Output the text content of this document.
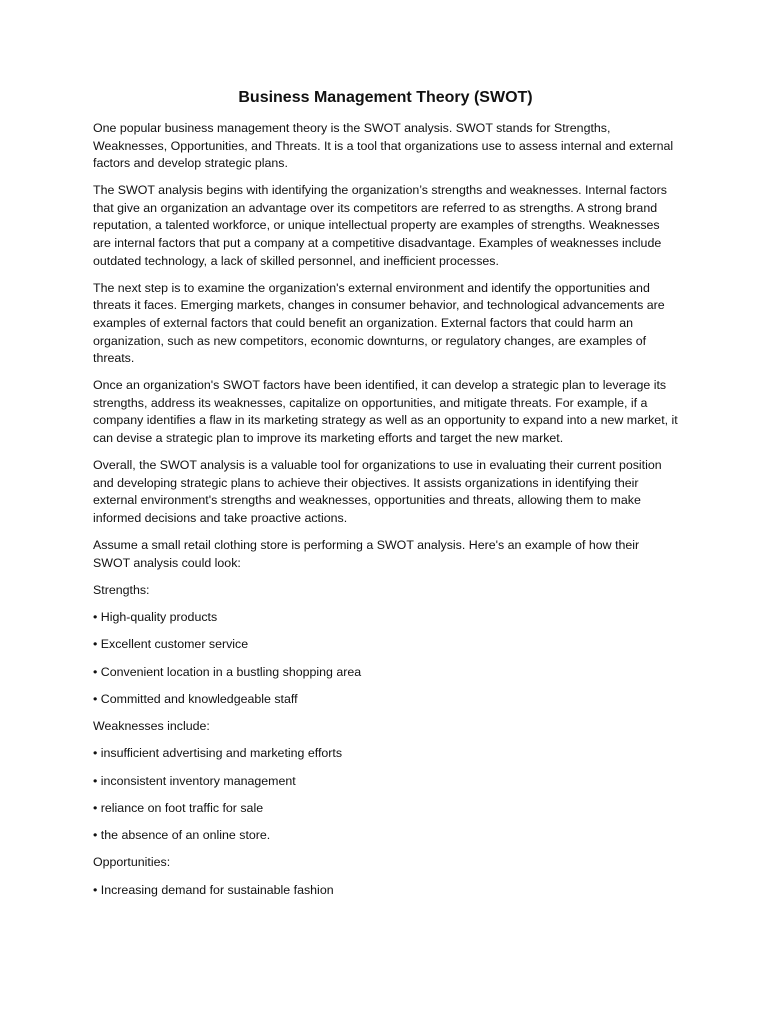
Business Management Theory (SWOT)

One popular business management theory is the SWOT analysis. SWOT stands for Strengths, Weaknesses, Opportunities, and Threats. It is a tool that organizations use to assess internal and external factors and develop strategic plans.

The SWOT analysis begins with identifying the organization’s strengths and weaknesses. Internal factors that give an organization an advantage over its competitors are referred to as strengths. A strong brand reputation, a talented workforce, or unique intellectual property are examples of strengths. Weaknesses are internal factors that put a company at a competitive disadvantage. Examples of weaknesses include outdated technology, a lack of skilled personnel, and inefficient processes.

The next step is to examine the organization's external environment and identify the opportunities and threats it faces. Emerging markets, changes in consumer behavior, and technological advancements are examples of external factors that could benefit an organization. External factors that could harm an organization, such as new competitors, economic downturns, or regulatory changes, are examples of threats.

Once an organization's SWOT factors have been identified, it can develop a strategic plan to leverage its strengths, address its weaknesses, capitalize on opportunities, and mitigate threats. For example, if a company identifies a flaw in its marketing strategy as well as an opportunity to expand into a new market, it can devise a strategic plan to improve its marketing efforts and target the new market.

Overall, the SWOT analysis is a valuable tool for organizations to use in evaluating their current position and developing strategic plans to achieve their objectives. It assists organizations in identifying their external environment's strengths and weaknesses, opportunities and threats, allowing them to make informed decisions and take proactive actions.

Assume a small retail clothing store is performing a SWOT analysis. Here's an example of how their SWOT analysis could look:

Strengths:

• High-quality products

• Excellent customer service

• Convenient location in a bustling shopping area

• Committed and knowledgeable staff

Weaknesses include:

• insufficient advertising and marketing efforts

• inconsistent inventory management

• reliance on foot traffic for sale

• the absence of an online store.

Opportunities:

• Increasing demand for sustainable fashion
